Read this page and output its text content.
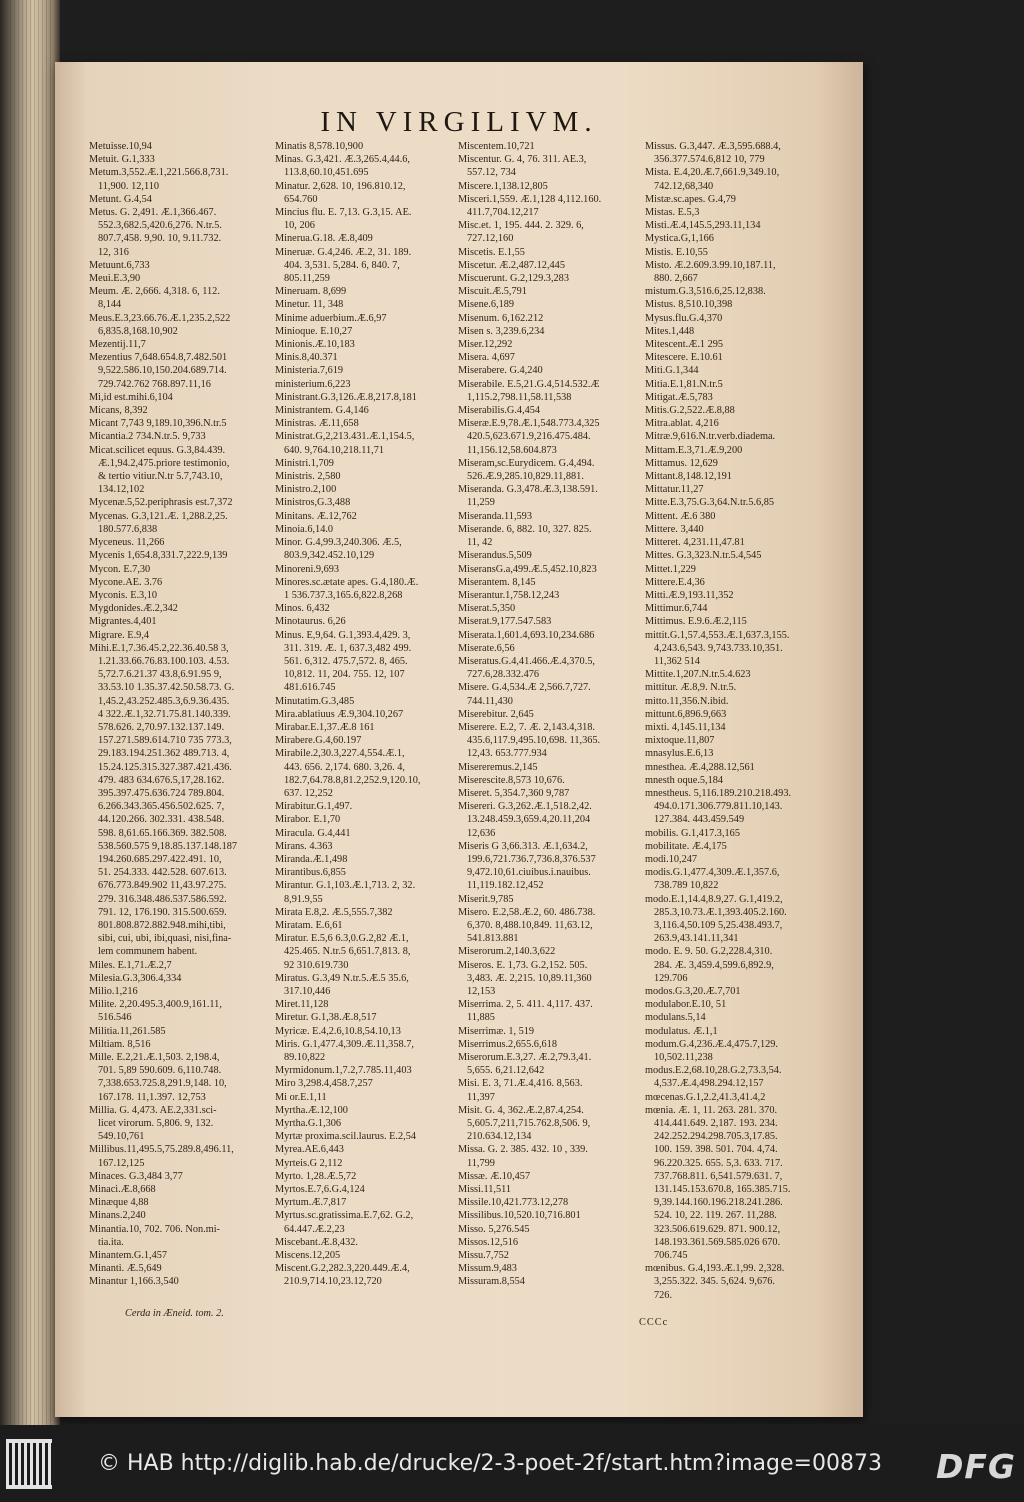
IN VIRGILIVM.
Metuisse.10,94
Metuit. G.1,333
Metum.3,552.Æ.1,221.566.8,731.
11,900. 12,110
Metunt. G.4,54
Metus. G. 2,491. Æ.1,366.467.
552.3,682.5,420.6,276. N.tr.5.
807.7,458. 9,90. 10, 9.11.732.
12, 316
Metuunt.6,733
Meui.E.3,90
Meum. Æ. 2,666. 4,318. 6, 112.
8,144
Meus.E.3,23.66.76.Æ.1,235.2,522
6,835.8,168.10,902
Mezentij.11,7
Mezentius 7,648.654.8,7.482.501
9,522.586.10,150.204.689.714.
729.742.762 768.897.11,16
Mi,id est.mihi.6,104
Micans, 8,392
Micant 7,743 9,189.10,396.N.tr.5
Micantia.2 734.N.tr.5. 9,733
Micat.scilicet equus. G.3,84.439.
Æ.1,94.2,475.priore testimonio,
& tertio vitiur.N.tr 5.7,743.10,
134.12,102
Mycenæ.5,52.periphrasis est.7,372
Mycenas. G.3,121.Æ. 1,288.2,25.
180.577.6,838
Myceneus. 11,266
Mycenis 1,654.8,331.7,222.9,139
Mycon. E.7,30
Mycone.AE. 3.76
Myconis. E.3,10
Mygdonides.Æ.2,342
Migrantes.4,401
Migrare. E.9,4
Mihi.E.1,7.36.45.2,22.36.40.58 3,
1.21.33.66.76.83.100.103. 4.53.
5,72.7.6.21.37 43.8,6.91.95 9,
33.53.10 1.35.37.42.50.58.73. G.
1,45.2,43.252.485.3,6.9.36.435.
4 322.Æ.1,32.71.75.81.140.339.
578.626. 2,70.97.132.137.149.
157.271.589.614.710 735 773.3,
29.183.194.251.362 489.713. 4,
15.24.125.315.327.387.421.436.
479. 483 634.676.5,17,28.162.
395.397.475.636.724 789.804.
6.266.343.365.456.502.625. 7,
44.120.266. 302.331. 438.548.
598. 8,61.65.166.369. 382.508.
538.560.575 9,18.85.137.148.187
194.260.685.297.422.491. 10,
51. 254.333. 442.528. 607.613.
676.773.849.902 11,43.97.275.
279. 316.348.486.537.586.592.
791. 12, 176.190. 315.500.659.
801.808.872.882.948.mihi,tibi,
sibi, cui, ubi, ibi,quasi, nisi,fina-
lem communem habent.
Miles. E.1,71.Æ.2,7
Milesia.G.3,306.4,334
Milio.1,216
Milite. 2,20.495.3,400.9,161.11,
516.546
Militia.11,261.585
Miltiam. 8,516
Mille. E.2,21.Æ.1,503. 2,198.4,
701. 5,89 590.609. 6,110.748.
7,338.653.725.8,291.9,148. 10,
167.178. 11,1.397. 12,753
Millia. G. 4,473. AE.2,331.sci-
licet virorum. 5,806. 9, 132.
549.10,761
Millibus.11,495.5,75.289.8,496.11,
167.12,125
Minaces. G.3,484 3,77
Minaci.Æ.8,668
Minæque 4,88
Minans.2,240
Minantia.10, 702. 706. Non.mi-
tia.ita.
Minantem.G.1,457
Minanti. Æ.5,649
Minantur 1,166.3,540
Minatis 8,578.10,900
Minas. G.3,421. Æ.3,265.4,44.6,
113.8,60.10,451.695
Minatur. 2,628. 10, 196.810.12,
654.760
Mincius flu. E. 7,13. G.3,15. AE.
10, 206
Minerua.G.18. Æ.8,409
Mineruæ. G.4,246. Æ.2, 31. 189.
404. 3,531. 5,284. 6, 840. 7,
805.11,259
Mineruam. 8,699
Minetur. 11, 348
Minime aduerbium.Æ.6,97
Minioque. E.10,27
Minionis.Æ.10,183
Minis.8,40.371
Ministeria.7,619
ministerium.6,223
Ministrant.G.3,126.Æ.8,217.8,181
Ministrantem. G.4,146
Ministras. Æ.11,658
Ministrat.G,2,213.431.Æ.1,154.5,
640. 9,764.10,218.11,71
Ministri.1,709
Ministris. 2,580
Ministro.2,100
Ministros,G.3,488
Minitans. Æ.12,762
Minoia.6,14.0
Minor. G.4,99.3,240.306. Æ.5,
803.9,342.452.10,129
Minoreni.9,693
Minores.sc.ætate apes. G.4,180.Æ.
1 536.737.3,165.6,822.8,268
Minos. 6,432
Minotaurus. 6,26
Minus. E,9,64. G.1,393.4,429. 3,
311. 319. Æ. 1, 637.3,482 499.
561. 6,312. 475.7,572. 8, 465.
10,812. 11, 204. 755. 12, 107
481.616.745
Minutatim.G.3,485
Mira.ablatiuus Æ.9,304.10,267
Mirabar.E.1,37.Æ.8 161
Mirabere.G.4,60.197
Mirabile.2,30.3,227.4,554.Æ.1,
443. 656. 2,174. 680. 3,26. 4,
182.7,64.78.8,81.2,252.9,120.10,
637. 12,252
Mirabitur.G.1,497.
Mirabor. E.1,70
Miracula. G.4,441
Mirans. 4.363
Miranda.Æ.1,498
Mirantibus.6,855
Mirantur. G.1,103.Æ.1,713. 2, 32.
8,91.9,55
Mirata E.8,2. Æ.5,555.7,382
Miratam. E.6,61
Miratur. E.5,6 6.3,0.G.2,82 Æ.1,
425.465. N.tr.5 6,651.7,813. 8,
92 310.619.730
Miratus. G.3,49 N.tr.5.Æ.5 35.6,
317.10,446
Miret.11,128
Miretur. G.1,38.Æ.8,517
Myricæ. E.4,2.6,10.8,54.10,13
Miris. G.1,477.4,309.Æ.11,358.7,
89.10,822
Myrmidonum.1,7.2,7.785.11,403
Miro 3,298.4,458.7,257
Mi or.E.1,11
Myrtha.Æ.12,100
Myrtha.G.1,306
Myrtæ proxima.scil.laurus. E.2,54
Myrea.AE.6,443
Myrteis.G 2,112
Myrto. 1,28.Æ.5,72
Myrtos.E.7,6.G.4,124
Myrtum.Æ.7,817
Myrtus.sc.gratissima.E.7,62. G.2,
64.447.Æ.2,23
Miscebant.Æ.8,432.
Miscens.12,205
Miscent.G.2,282.3,220.449.Æ.4,
210.9,714.10,23.12,720
Miscentem.10,721
Miscentur. G. 4, 76. 311. AE.3,
557.12, 734
Miscere.1,138.12,805
Misceri.1,559. Æ.1,128 4,112.160.
411.7,704.12,217
Misc.et. 1, 195. 444. 2. 329. 6,
727.12,160
Miscetis. E.1,55
Miscetur. Æ.2,487.12,445
Miscuerunt. G.2,129.3,283
Miscuit.Æ.5,791
Misene.6,189
Misenum. 6,162.212
Misen s. 3,239.6,234
Miser.12,292
Misera. 4,697
Miserabere. G.4,240
Miserabile. E.5,21.G.4,514.532.Æ
1,115.2,798.11,58.11,538
Miserabilis.G.4,454
Miseræ.E.9,78.Æ.1,548.773.4,325
420.5,623.671.9,216.475.484.
11,156.12,58.604.873
Miseram,sc.Eurydicem. G.4,494.
526.Æ.9,285.10,829.11,881.
Miseranda. G.3,478.Æ.3,138.591.
11,259
Miseranda.11,593
Miserande. 6, 882. 10, 327. 825.
11, 42
Miserandus.5,509
MiseransG.a,499.Æ.5,452.10,823
Miserantem. 8,145
Miserantur.1,758.12,243
Miserat.5,350
Miserat.9,177.547.583
Miserata.1,601.4,693.10,234.686
Miserate.6,56
Miseratus.G.4,41.466.Æ.4,370.5,
727.6,28.332.476
Misere. G.4,534.Æ 2,566.7,727.
744.11,430
Miserebitur. 2,645
Miserere. E.2, 7. Æ. 2,143.4,318.
435.6,117.9,495.10,698. 11,365.
12,43. 653.777.934
Misereremus.2,145
Miserescite.8,573 10,676.
Miseret. 5,354.7,360 9,787
Misereri. G.3,262.Æ.1,518.2,42.
13.248.459.3,659.4,20.11,204
12,636
Miseris G 3,66.313. Æ.1,634.2,
199.6,721.736.7,736.8,376.537
9,472.10,61.ciuibus.i.nauibus.
11,119.182.12,452
Miserit.9,785
Misero. E.2,58.Æ.2, 60. 486.738.
6,370. 8,488.10,849. 11,63.12,
541.813.881
Miserorum.2,140.3,622
Miseros. E. 1,73. G.2,152. 505.
3,483. Æ. 2,215. 10,89.11,360
12,153
Miserrima. 2, 5. 411. 4,117. 437.
11,885
Miserrimæ. 1, 519
Miserrimus.2,655.6,618
Miserorum.E.3,27. Æ.2,79.3,41.
5,655. 6,21.12,642
Misi. E. 3, 71.Æ.4,416. 8,563.
11,397
Misit. G. 4, 362.Æ.2,87.4,254.
5,605.7,211,715.762.8,506. 9,
210.634.12,134
Missa. G. 2. 385. 432. 10 , 339.
11,799
Missæ. Æ.10,457
Missi.11,511
Missile.10,421.773.12,278
Missilibus.10,520.10,716.801
Misso. 5,276.545
Missos.12,516
Missu.7,752
Missum.9,483
Missuram.8,554
Missus. G.3,447. Æ.3,595.688.4,
356.377.574.6,812 10, 779
Mista. E.4,20.Æ.7,661.9,349.10,
742.12,68,340
Mistæ.sc.apes. G.4,79
Mistas. E.5,3
Misti.Æ.4,145.5,293.11,134
Mystica.G,1,166
Mistis. E.10,55
Misto. Æ.2.609.3.99.10,187.11,
880. 2,667
mistum.G.3,516.6,25.12,838.
Mistus. 8,510.10,398
Mysus.flu.G.4,370
Mites.1,448
Mitescent.Æ.1 295
Mitescere. E.10.61
Miti.G.1,344
Mitia.E.1,81.N.tr.5
Mitigat.Æ.5,783
Mitis.G.2,522.Æ.8,88
Mitra.ablat. 4,216
Mitræ.9,616.N.tr.verb.diadema.
Mittam.E.3,71.Æ.9,200
Mittamus. 12,629
Mittant.8,148.12,191
Mittatur.11,27
Mitte.E.3,75.G.3,64.N.tr.5.6,85
Mittent. Æ.6 380
Mittere. 3,440
Mitteret. 4,231.11,47.81
Mittes. G.3,323.N.tr.5.4,545
Mittet.1,229
Mittere.E.4,36
Mitti.Æ.9,193.11,352
Mittimur.6,744
Mittimus. E.9.6.Æ.2,115
mittit.G.1,57.4,553.Æ.1,637.3,155.
4,243.6,543. 9,743.733.10,351.
11,362 514
Mittite.1,207.N.tr.5.4.623
mittitur. Æ.8,9. N.tr.5.
mitto.11,356.N.ibid.
mittunt.6,896.9,663
mixti. 4,145.11,134
mixtoque.11,807
mnasylus.E.6,13
mnesthea. Æ.4,288.12,561
mnesth oque.5,184
mnestheus. 5,116.189.210.218.493.
494.0.171.306.779.811.10,143.
127.384. 443.459.549
mobilis. G.1,417.3,165
mobilitate. Æ.4,175
modi.10,247
modis.G.1,477.4,309.Æ.1,357.6,
738.789 10,822
modo.E.1,14.4,8.9,27. G.1,419.2,
285.3,10.73.Æ.1,393.405.2.160.
3,116.4,50.109 5,25.438.493.7,
263.9,43.141.11,341
modo. E. 9. 50. G.2,228.4,310.
284. Æ. 3,459.4,599.6,892.9,
129.706
modos.G.3,20.Æ.7,701
modulabor.E.10, 51
modulans.5,14
modulatus. Æ.1,1
modum.G.4,236.Æ.4,475.7,129.
10,502.11,238
modus.E.2,68.10,28.G.2,73.3,54.
4,537.Æ.4,498.294.12,157
mœcenas.G.1,2.2,41.3,41.4,2
mœnia. Æ. 1, 11. 263. 281. 370.
414.441.649. 2,187. 193. 234.
242.252.294.298.705.3,17.85.
100. 159. 398. 501. 704. 4,74.
96.220.325. 655. 5,3. 633. 717.
737.768.811. 6,541.579.631. 7,
131.145.153.670.8, 165.385.715.
9,39.144.160.196.218.241.286.
524. 10, 22. 119. 267. 11,288.
323.506.619.629. 871. 900.12,
148.193.361.569.585.026 670.
706.745
mœnibus. G.4,193.Æ.1,99. 2,328.
3,255.322. 345. 5,624. 9,676.
726.
Cerda in Æneid. tom. 2.
CCCc
© HAB http://diglib.hab.de/drucke/2-3-poet-2f/start.htm?image=00873 DFG
